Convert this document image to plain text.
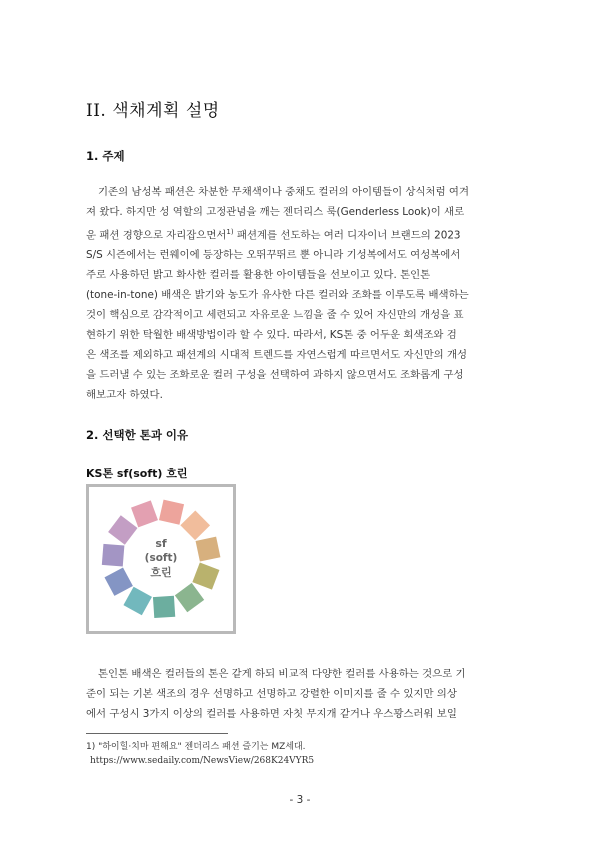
II. 색채계획 설명
1. 주제
기존의 남성복 패션은 차분한 무채색이나 중채도 컬러의 아이템들이 상식처럼 여겨
져 왔다. 하지만 성 역할의 고정관념을 깨는 젠더리스 룩(Genderless Look)이 새로
운 패션 경향으로 자리잡으면서$^{1)}$ 패션계를 선도하는 여러 디자이너 브랜드의 2023
S/S 시즌에서는 런웨이에 등장하는 오뛰꾸뛰르 뿐 아니라 기성복에서도 여성복에서
주로 사용하던 밝고 화사한 컬러를 활용한 아이템들을 선보이고 있다. 톤인톤
(tone-in-tone) 배색은 밝기와 농도가 유사한 다른 컬러와 조화를 이루도록 배색하는
것이 핵심으로 감각적이고 세련되고 자유로운 느낌을 줄 수 있어 자신만의 개성을 표
현하기 위한 탁월한 배색방법이라 할 수 있다. 따라서, KS톤 중 어두운 회색조와 검
은 색조를 제외하고 패션계의 시대적 트렌드를 자연스럽게 따르면서도 자신만의 개성
을 드러낼 수 있는 조화로운 컬러 구성을 선택하여 과하지 않으면서도 조화롭게 구성
해보고자 하였다.
2. 선택한 톤과 이유
KS톤 sf(soft) 흐린
sf
(soft)
흐린
톤인톤 배색은 컬러들의 톤은 같게 하되 비교적 다양한 컬러를 사용하는 것으로 기
준이 되는 기본 색조의 경우 선명하고 선명하고 강렬한 이미지를 줄 수 있지만 의상
에서 구성시 3가지 이상의 컬러를 사용하면 자칫 무지개 같거나 우스꽝스러워 보일
1) "하이힐·치마 편해요" 젠더리스 패션 즐기는 MZ세대.
https://www.sedaily.com/NewsView/268K24VYR5
- 3 -
